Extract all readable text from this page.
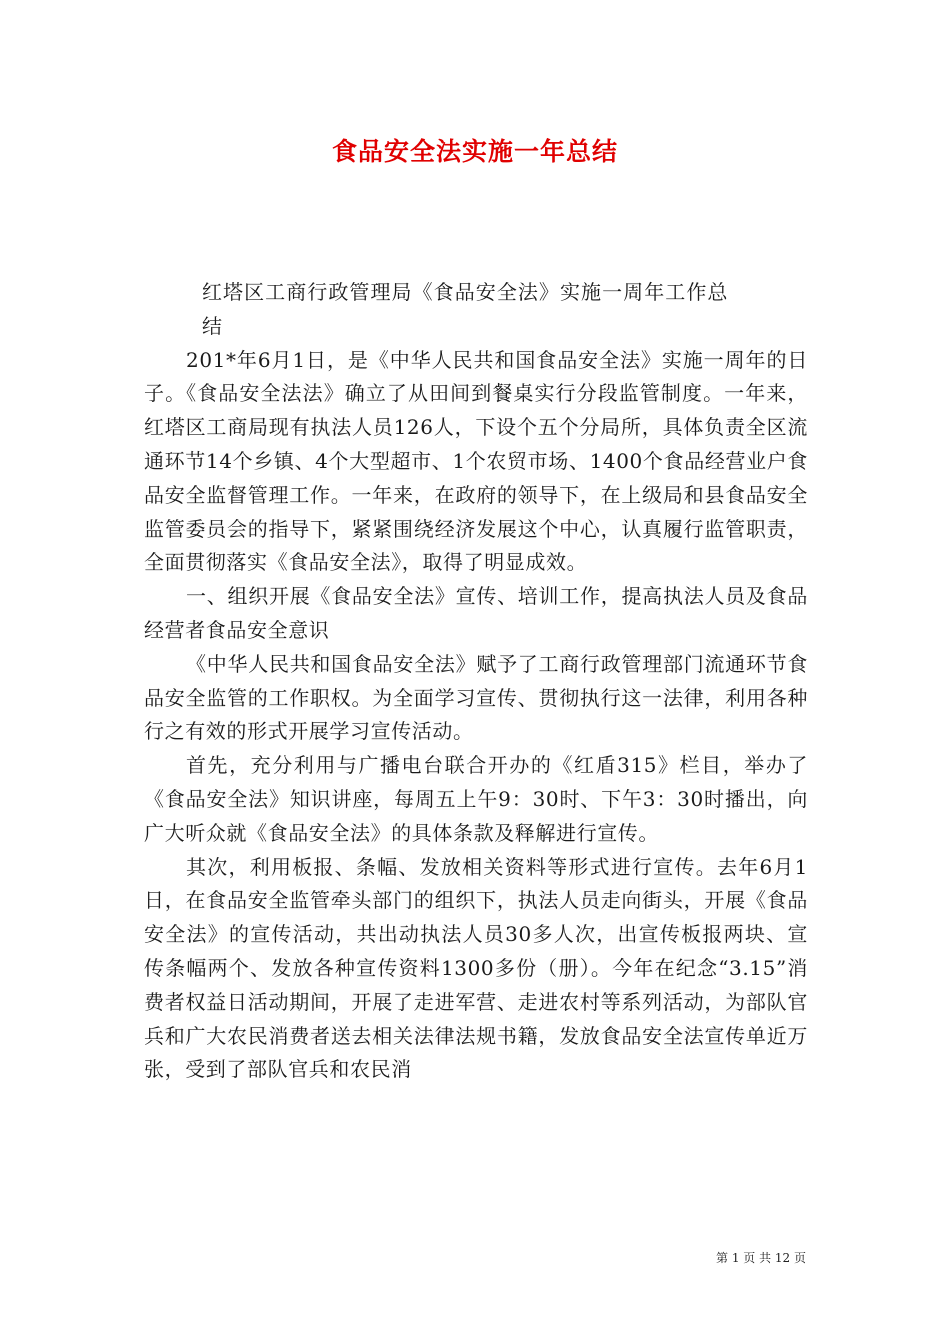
食品安全法实施一年总结

红塔区工商行政管理局《食品安全法》实施一周年工作总结

201*年6月1日，是《中华人民共和国食品安全法》实施一周年的日子。《食品安全法法》确立了从田间到餐桌实行分段监管制度。一年来，红塔区工商局现有执法人员126人，下设个五个分局所，具体负责全区流通环节14个乡镇、4个大型超市、1个农贸市场、1400个食品经营业户食品安全监督管理工作。一年来，在政府的领导下，在上级局和县食品安全监管委员会的指导下，紧紧围绕经济发展这个中心，认真履行监管职责，全面贯彻落实《食品安全法》，取得了明显成效。

一、组织开展《食品安全法》宣传、培训工作，提高执法人员及食品经营者食品安全意识

《中华人民共和国食品安全法》赋予了工商行政管理部门流通环节食品安全监管的工作职权。为全面学习宣传、贯彻执行这一法律，利用各种行之有效的形式开展学习宣传活动。

首先，充分利用与广播电台联合开办的《红盾315》栏目，举办了《食品安全法》知识讲座，每周五上午9：30时、下午3：30时播出，向广大听众就《食品安全法》的具体条款及释解进行宣传。

其次，利用板报、条幅、发放相关资料等形式进行宣传。去年6月1日，在食品安全监管牵头部门的组织下，执法人员走向街头，开展《食品安全法》的宣传活动，共出动执法人员30多人次，出宣传板报两块、宣传条幅两个、发放各种宣传资料1300多份（册）。今年在纪念“3.15”消费者权益日活动期间，开展了走进军营、走进农村等系列活动，为部队官兵和广大农民消费者送去相关法律法规书籍，发放食品安全法宣传单近万张，受到了部队官兵和农民消

第 1 页 共 12 页
